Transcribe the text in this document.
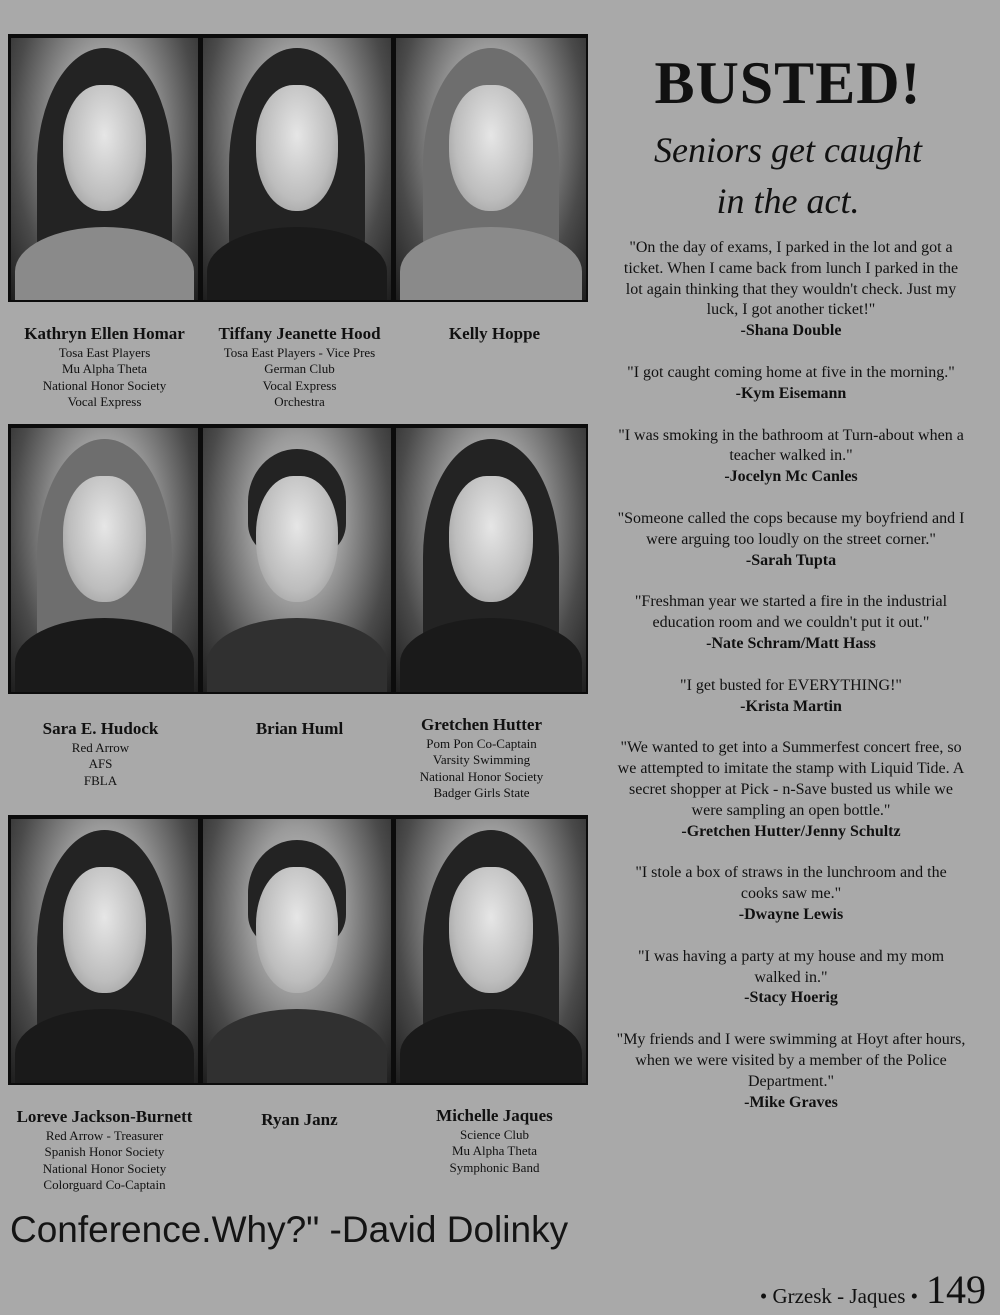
Kathryn Ellen Homar
Tosa East Players
Mu Alpha Theta
National Honor Society
Vocal Express
Tiffany Jeanette Hood
Tosa East Players - Vice Pres
German Club
Vocal Express
Orchestra
Kelly Hoppe
Sara E. Hudock
Red Arrow
AFS
FBLA
Brian Huml	Gretchen Hutter
Pom Pon Co-Captain
Varsity Swimming
National Honor Society
Badger Girls State
Loreve Jackson-Burnett
Red Arrow - Treasurer
Spanish Honor Society
National Honor Society
Colorguard Co-Captain
Ryan Janz	Michelle Jaques
Science Club
Mu Alpha Theta
Symphonic Band
BUSTED!
Seniors get caught
in the act.
"On the day of exams, I parked in the lot and got a ticket. When I came back from lunch I parked in the lot again thinking that they wouldn't check. Just my luck, I got another ticket!"
-Shana Double
"I got caught coming home at five in the morning."
-Kym Eisemann
"I was smoking in the bathroom at Turn-about when a teacher walked in."
-Jocelyn Mc Canles
"Someone called the cops because my boyfriend and I were arguing too loudly on the street corner."
-Sarah Tupta
"Freshman year we started a fire in the industrial education room and we couldn't put it out."
-Nate Schram/Matt Hass
"I get busted for EVERYTHING!"
-Krista Martin
"We wanted to get into a Summerfest concert free, so we attempted to imitate the stamp with Liquid Tide. A secret shopper at Pick - n-Save busted us while we were sampling an open bottle."
-Gretchen Hutter/Jenny Schultz
"I stole a box of straws in the lunchroom and the cooks saw me."
-Dwayne Lewis
"I was having a party at my house and my mom walked in."
-Stacy Hoerig
"My friends and I were swimming at Hoyt after hours, when we were visited by a member of the Police Department."
-Mike Graves
Conference.Why?" -David Dolinky
• Grzesk - Jaques • 149
